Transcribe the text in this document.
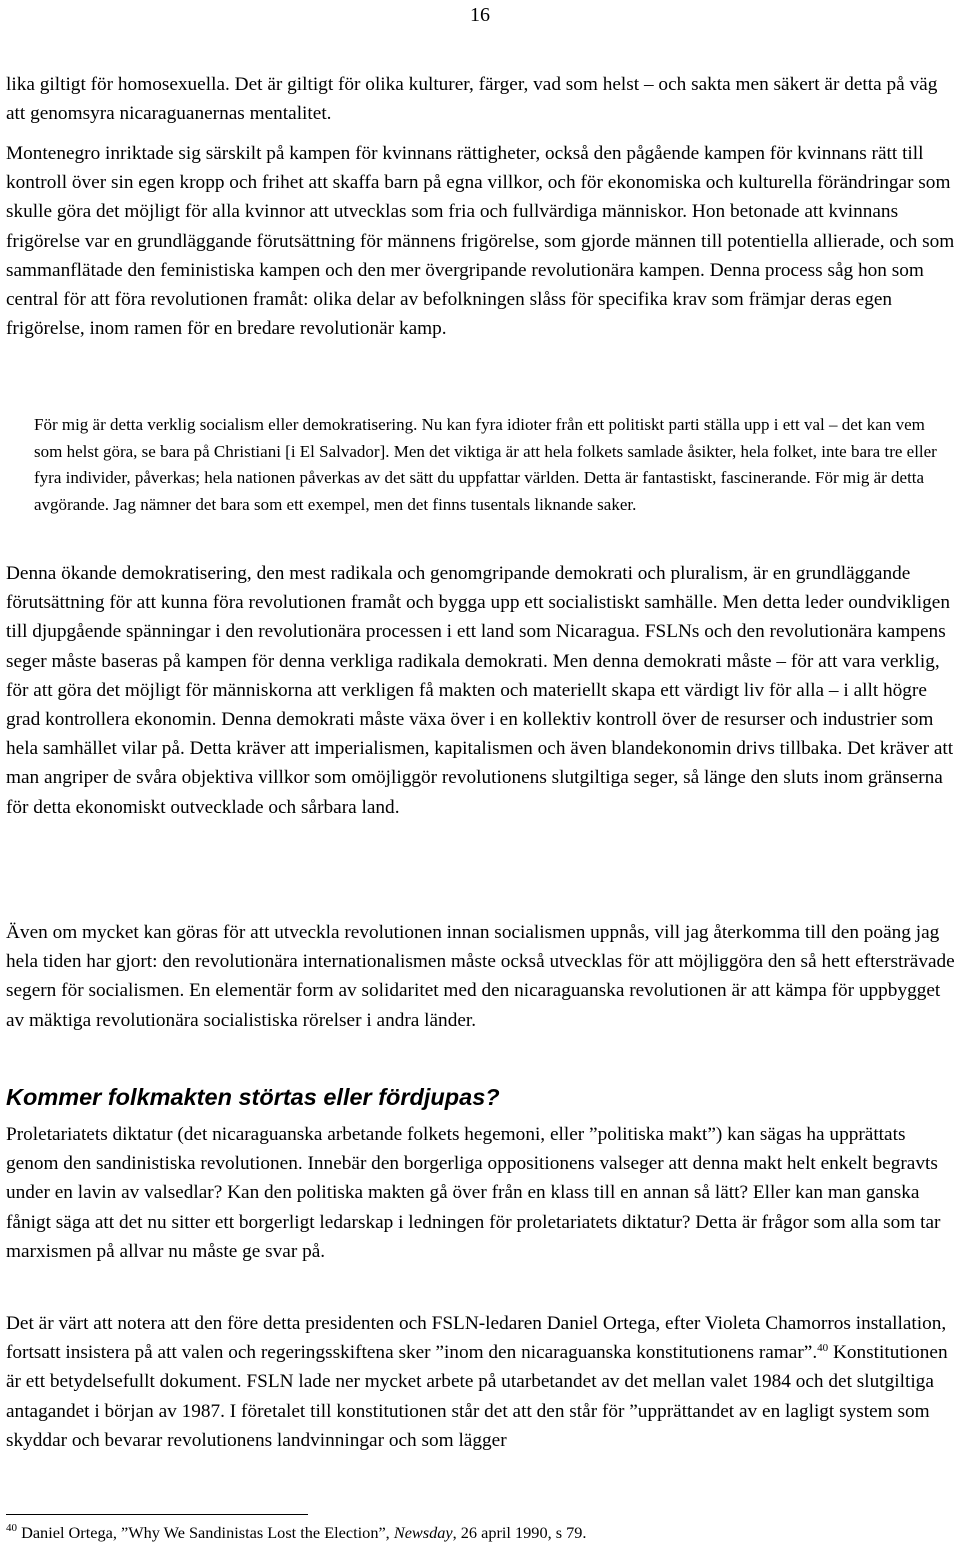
16

lika giltigt för homosexuella. Det är giltigt för olika kulturer, färger, vad som helst – och sakta men säkert är detta på väg att genomsyra nicaraguanernas mentalitet.

Montenegro inriktade sig särskilt på kampen för kvinnans rättigheter, också den pågående kampen för kvinnans rätt till kontroll över sin egen kropp och frihet att skaffa barn på egna villkor, och för ekonomiska och kulturella förändringar som skulle göra det möjligt för alla kvinnor att utvecklas som fria och fullvärdiga människor. Hon betonade att kvinnans frigörelse var en grundläggande förutsättning för männens frigörelse, som gjorde männen till potentiella allierade, och som sammanflätade den feministiska kampen och den mer övergripande revolutionära kampen. Denna process såg hon som central för att föra revolutionen framåt: olika delar av befolkningen slåss för specifika krav som främjar deras egen frigörelse, inom ramen för en bredare revolutionär kamp.

För mig är detta verklig socialism eller demokratisering. Nu kan fyra idioter från ett politiskt parti ställa upp i ett val – det kan vem som helst göra, se bara på Christiani [i El Salvador]. Men det viktiga är att hela folkets samlade åsikter, hela folket, inte bara tre eller fyra individer, påverkas; hela nationen påverkas av det sätt du uppfattar världen. Detta är fantastiskt, fascinerande. För mig är detta avgörande. Jag nämner det bara som ett exempel, men det finns tusentals liknande saker.

Denna ökande demokratisering, den mest radikala och genomgripande demokrati och pluralism, är en grundläggande förutsättning för att kunna föra revolutionen framåt och bygga upp ett socialistiskt samhälle. Men detta leder oundvikligen till djupgående spänningar i den revolutionära processen i ett land som Nicaragua. FSLNs och den revolutionära kampens seger måste baseras på kampen för denna verkliga radikala demokrati. Men denna demokrati måste – för att vara verklig, för att göra det möjligt för människorna att verkligen få makten och materiellt skapa ett värdigt liv för alla – i allt högre grad kontrollera ekonomin. Denna demokrati måste växa över i en kollektiv kontroll över de resurser och industrier som hela samhället vilar på. Detta kräver att imperialismen, kapitalismen och även blandekonomin drivs tillbaka. Det kräver att man angriper de svåra objektiva villkor som omöjliggör revolutionens slutgiltiga seger, så länge den sluts inom gränserna för detta ekonomiskt outvecklade och sårbara land.

Även om mycket kan göras för att utveckla revolutionen innan socialismen uppnås, vill jag återkomma till den poäng jag hela tiden har gjort: den revolutionära internationalismen måste också utvecklas för att möjliggöra den så hett eftersträvade segern för socialismen. En elementär form av solidaritet med den nicaraguanska revolutionen är att kämpa för uppbygget av mäktiga revolutionära socialistiska rörelser i andra länder.

Kommer folkmakten störtas eller fördjupas?

Proletariatets diktatur (det nicaraguanska arbetande folkets hegemoni, eller ”politiska makt”) kan sägas ha upprättats genom den sandinistiska revolutionen. Innebär den borgerliga oppositionens valseger att denna makt helt enkelt begravts under en lavin av valsedlar? Kan den politiska makten gå över från en klass till en annan så lätt? Eller kan man ganska fånigt säga att det nu sitter ett borgerligt ledarskap i ledningen för proletariatets diktatur? Detta är frågor som alla som tar marxismen på allvar nu måste ge svar på.

Det är värt att notera att den före detta presidenten och FSLN-ledaren Daniel Ortega, efter Violeta Chamorros installation, fortsatt insistera på att valen och regeringsskiftena sker ”inom den nicaraguanska konstitutionens ramar”.$^{40}$ Konstitutionen är ett betydelsefullt dokument. FSLN lade ner mycket arbete på utarbetandet av det mellan valet 1984 och det slutgiltiga antagandet i början av 1987. I företalet till konstitutionen står det att den står för ”upprättandet av en lagligt system som skyddar och bevarar revolutionens landvinningar och som lägger

$^{40}$ Daniel Ortega, ”Why We Sandinistas Lost the Election”, Newsday, 26 april 1990, s 79.
